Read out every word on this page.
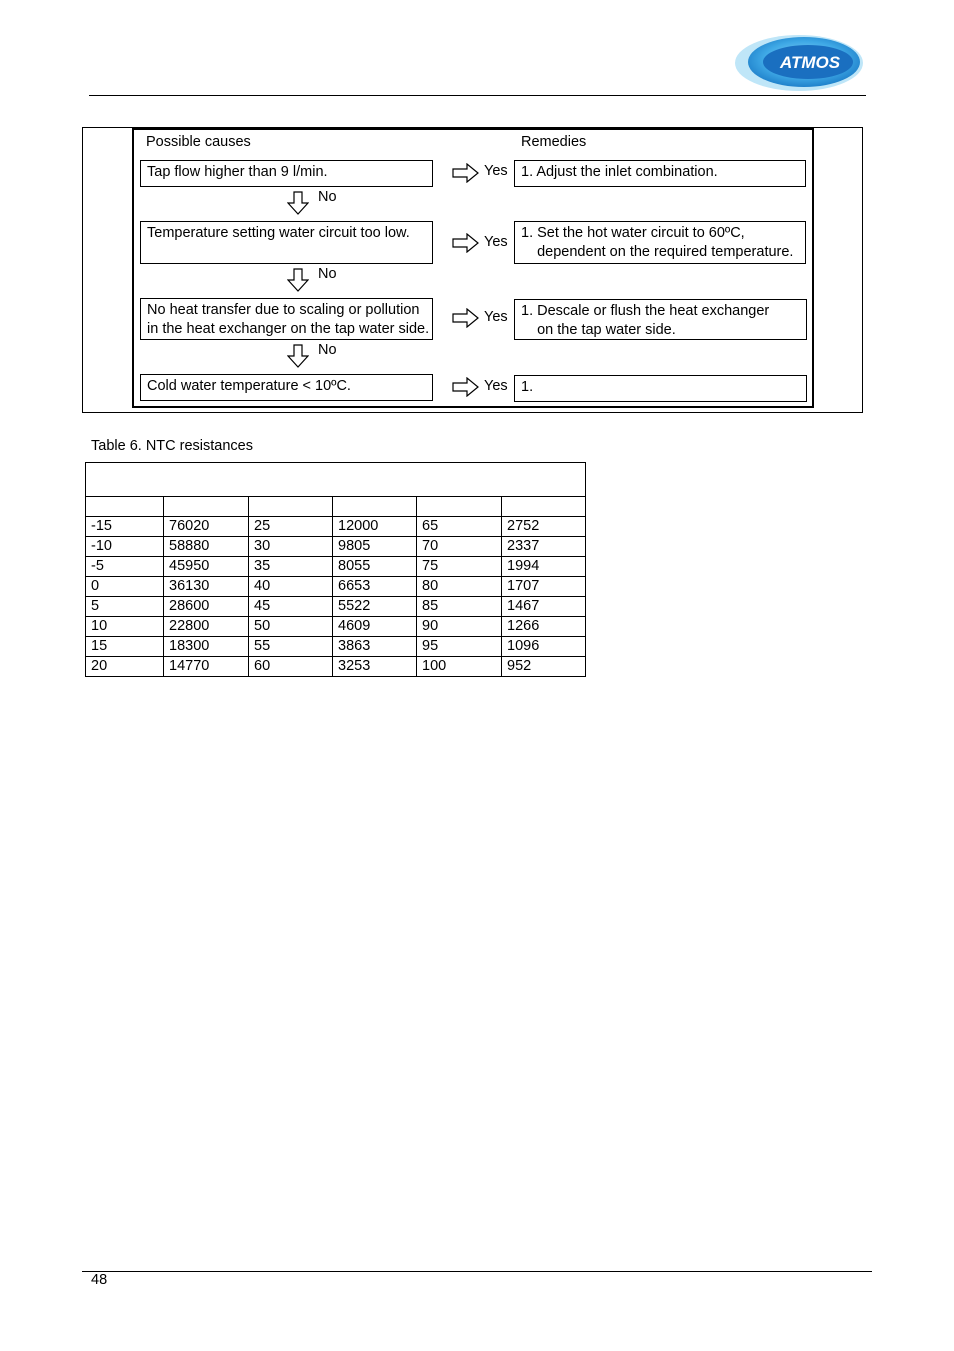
ATMOS
Possible causes	Remedies
Tap flow higher than 9 l/min.	Yes 1. Adjust the inlet combination.
No
Temperature setting water circuit too low.
Yes
1. Set the hot water circuit to 60ºC,
dependent on the required temperature.
No
No heat transfer due to scaling or pollution
in the heat exchanger on the tap water side.
Yes 1. Descale or flush the heat exchanger
on the tap water side.
No
Cold water temperature < 10ºC.	Yes 1.
Table 6. NTC resistances

-15	76020	25	12000	65	2752
-10	58880	30	9805	70	2337
-5	45950	35	8055	75	1994
0	36130	40	6653	80	1707
5	28600	45	5522	85	1467
10	22800	50	4609	90	1266
15	18300	55	3863	95	1096
20	14770	60	3253	100	952
48
